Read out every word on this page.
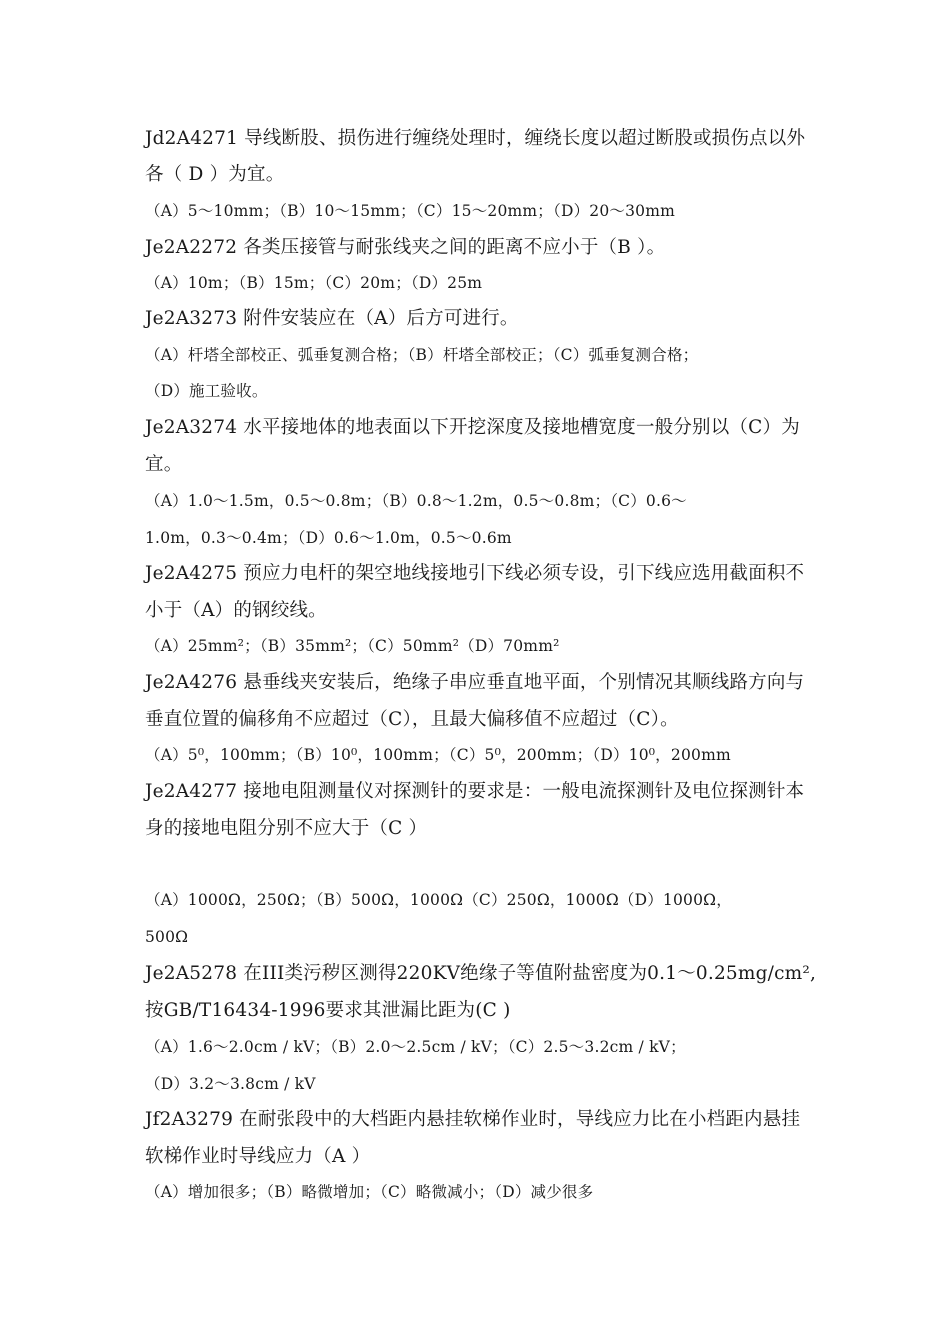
Jd2A4271 导线断股、损伤进行缠绕处理时，缠绕长度以超过断股或损伤点以外
各（ D ）为宜。
（A）5～10mm；（B）10～15mm；（C）15～20mm；（D）20～30mm
Je2A2272 各类压接管与耐张线夹之间的距离不应小于（B ）。
（A）10m；（B）15m；（C）20m；（D）25m
Je2A3273 附件安装应在（A）后方可进行。
（A）杆塔全部校正、弧垂复测合格；（B）杆塔全部校正；（C）弧垂复测合格；
（D）施工验收。
Je2A3274 水平接地体的地表面以下开挖深度及接地槽宽度一般分别以（C）为
宜。
（A）1.0～1.5m，0.5～0.8m；（B）0.8～1.2m，0.5～0.8m；（C）0.6～
1.0m，0.3～0.4m；（D）0.6～1.0m，0.5～0.6m
Je2A4275 预应力电杆的架空地线接地引下线必须专设，引下线应选用截面积不
小于（A）的钢绞线。
（A）25mm²；（B）35mm²；（C）50mm²（D）70mm²
Je2A4276 悬垂线夹安装后，绝缘子串应垂直地平面，个别情况其顺线路方向与
垂直位置的偏移角不应超过（C），且最大偏移值不应超过（C）。
（A）5⁰，100mm；（B）10⁰，100mm；（C）5⁰，200mm；（D）10⁰，200mm
Je2A4277 接地电阻测量仪对探测针的要求是：一般电流探测针及电位探测针本
身的接地电阻分别不应大于（C ）
（A）1000Ω，250Ω；（B）500Ω，1000Ω（C）250Ω，1000Ω（D）1000Ω，
500Ω
Je2A5278 在III类污秽区测得220KV绝缘子等值附盐密度为0.1～0.25mg/cm²,
按GB/T16434-1996要求其泄漏比距为(C )
（A）1.6～2.0cm / kV；（B）2.0～2.5cm / kV；（C）2.5～3.2cm / kV；
（D）3.2～3.8cm / kV
Jf2A3279 在耐张段中的大档距内悬挂软梯作业时，导线应力比在小档距内悬挂
软梯作业时导线应力（A ）
（A）增加很多；（B）略微增加；（C）略微减小；（D）减少很多
